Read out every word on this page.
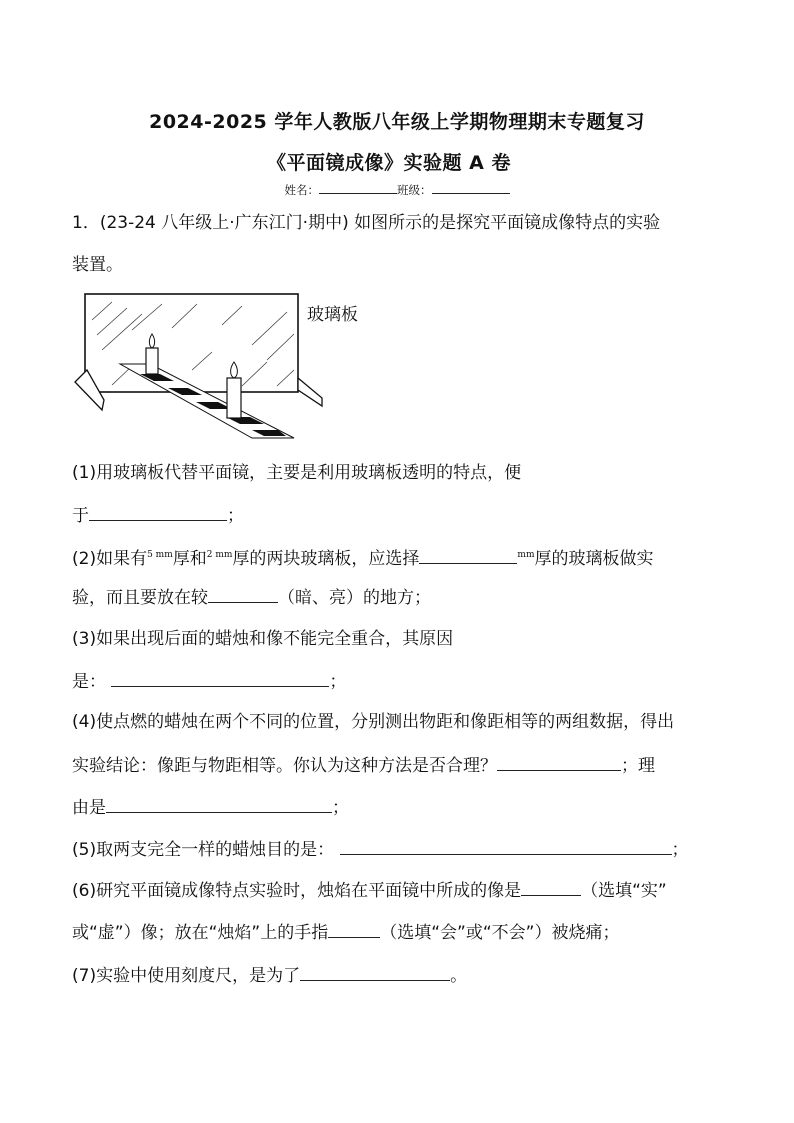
2024-2025 学年人教版八年级上学期物理期末专题复习
《平面镜成像》实验题 A 卷
姓名：	班级：
1．(23-24 八年级上·广东江门·期中) 如图所示的是探究平面镜成像特点的实验
装置。
玻璃板
(1)用玻璃板代替平面镜，主要是利用玻璃板透明的特点，便
于	；
(2)如果有$^{5 mm}$厚和$^{2 mm}$厚的两块玻璃板，应选择	$^{mm}$厚的玻璃板做实
验，而且要放在较	（暗、亮）的地方；
(3)如果出现后面的蜡烛和像不能完全重合，其原因
是：	；
(4)使点燃的蜡烛在两个不同的位置，分别测出物距和像距相等的两组数据，得出
实验结论：像距与物距相等。你认为这种方法是否合理？	；理
由是	；
(5)取两支完全一样的蜡烛目的是：	；
(6)研究平面镜成像特点实验时，烛焰在平面镜中所成的像是	（选填“实”
或“虚”）像；放在“烛焰”上的手指	（选填“会”或“不会”）被烧痛；
(7)实验中使用刻度尺，是为了	。
